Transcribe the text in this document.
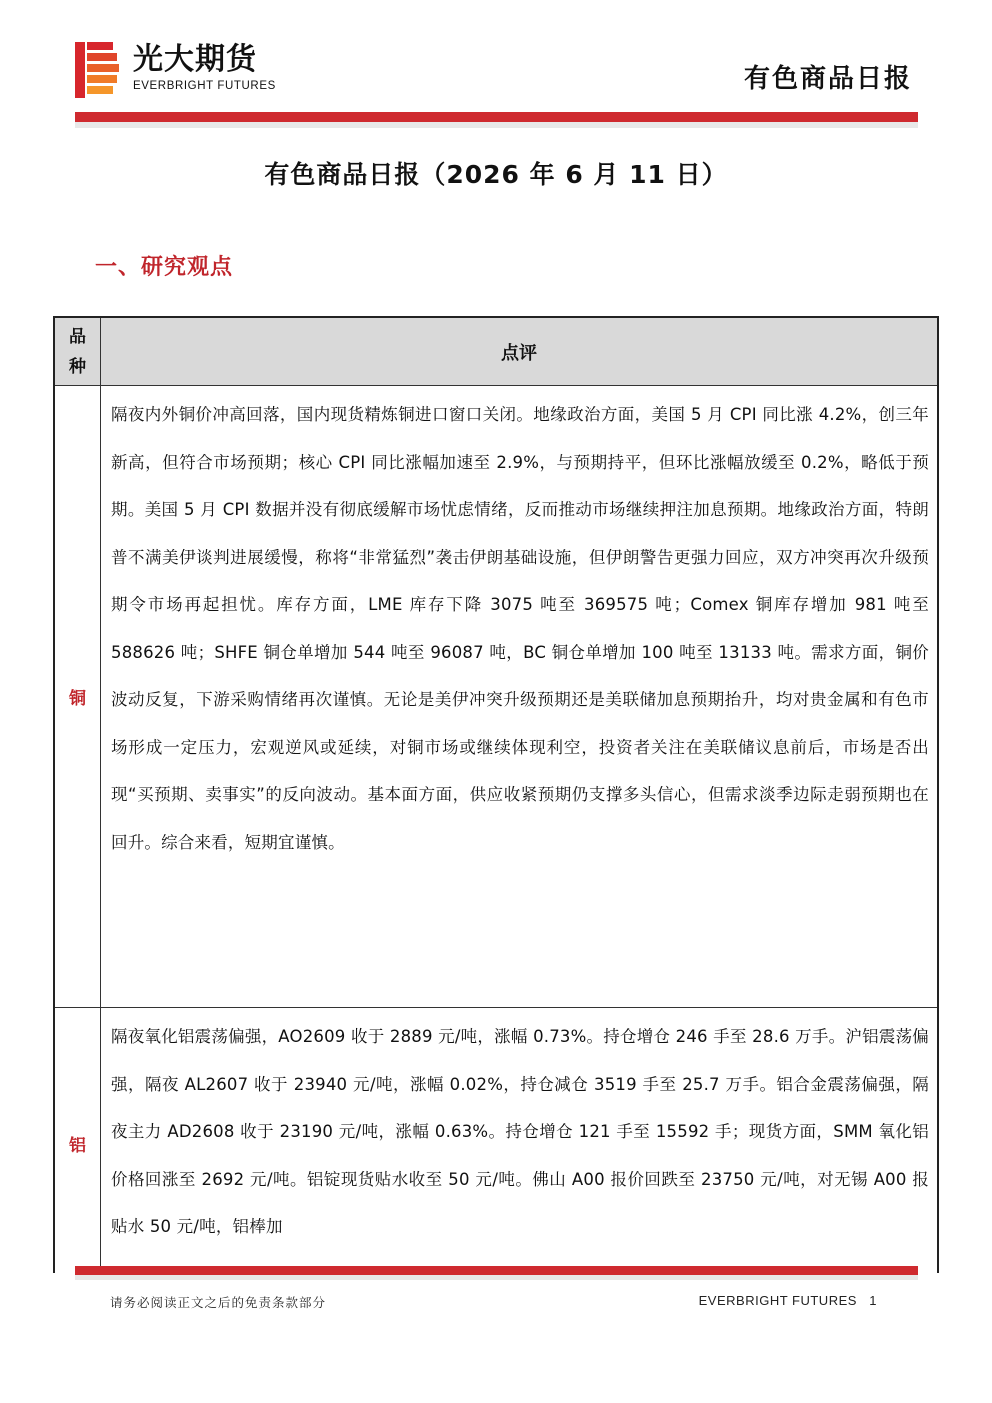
光大期货
EVERBRIGHT FUTURES	有色商品日报
有色商品日报（2026 年 6 月 11 日）
一、研究观点
品
种
点评
铜

隔夜内外铜价冲高回落，国内现货精炼铜进口窗口关闭。地缘政治方面，美国 5 月 CPI 同比涨 4.2%，创三年新高，但符合市场预期；核心 CPI 同比涨幅加速至 2.9%，与预期持平，但环比涨幅放缓至 0.2%，略低于预期。美国 5 月 CPI 数据并没有彻底缓解市场忧虑情绪，反而推动市场继续押注加息预期。地缘政治方面，特朗普不满美伊谈判进展缓慢，称将“非常猛烈”袭击伊朗基础设施，但伊朗警告更强力回应，双方冲突再次升级预期令市场再起担忧。库存方面，LME 库存下降 3075 吨至 369575 吨；Comex 铜库存增加 981 吨至 588626 吨；SHFE 铜仓单增加 544 吨至 96087 吨，BC 铜仓单增加 100 吨至 13133 吨。需求方面，铜价波动反复，下游采购情绪再次谨慎。无论是美伊冲突升级预期还是美联储加息预期抬升，均对贵金属和有色市场形成一定压力，宏观逆风或延续，对铜市场或继续体现利空，投资者关注在美联储议息前后，市场是否出现“买预期、卖事实”的反向波动。基本面方面，供应收紧预期仍支撑多头信心，但需求淡季边际走弱预期也在回升。综合来看，短期宜谨慎。

铝

隔夜氧化铝震荡偏强，AO2609 收于 2889 元/吨，涨幅 0.73%。持仓增仓 246 手至 28.6 万手。沪铝震荡偏强，隔夜 AL2607 收于 23940 元/吨，涨幅 0.02%，持仓减仓 3519 手至 25.7 万手。铝合金震荡偏强，隔夜主力 AD2608 收于 23190 元/吨，涨幅 0.63%。持仓增仓 121 手至 15592 手；现货方面，SMM 氧化铝价格回涨至 2692 元/吨。铝锭现货贴水收至 50 元/吨。佛山 A00 报价回跌至 23750 元/吨，对无锡 A00 报贴水 50 元/吨，铝棒加

请务必阅读正文之后的免责条款部分	EVERBRIGHT FUTURES 1
